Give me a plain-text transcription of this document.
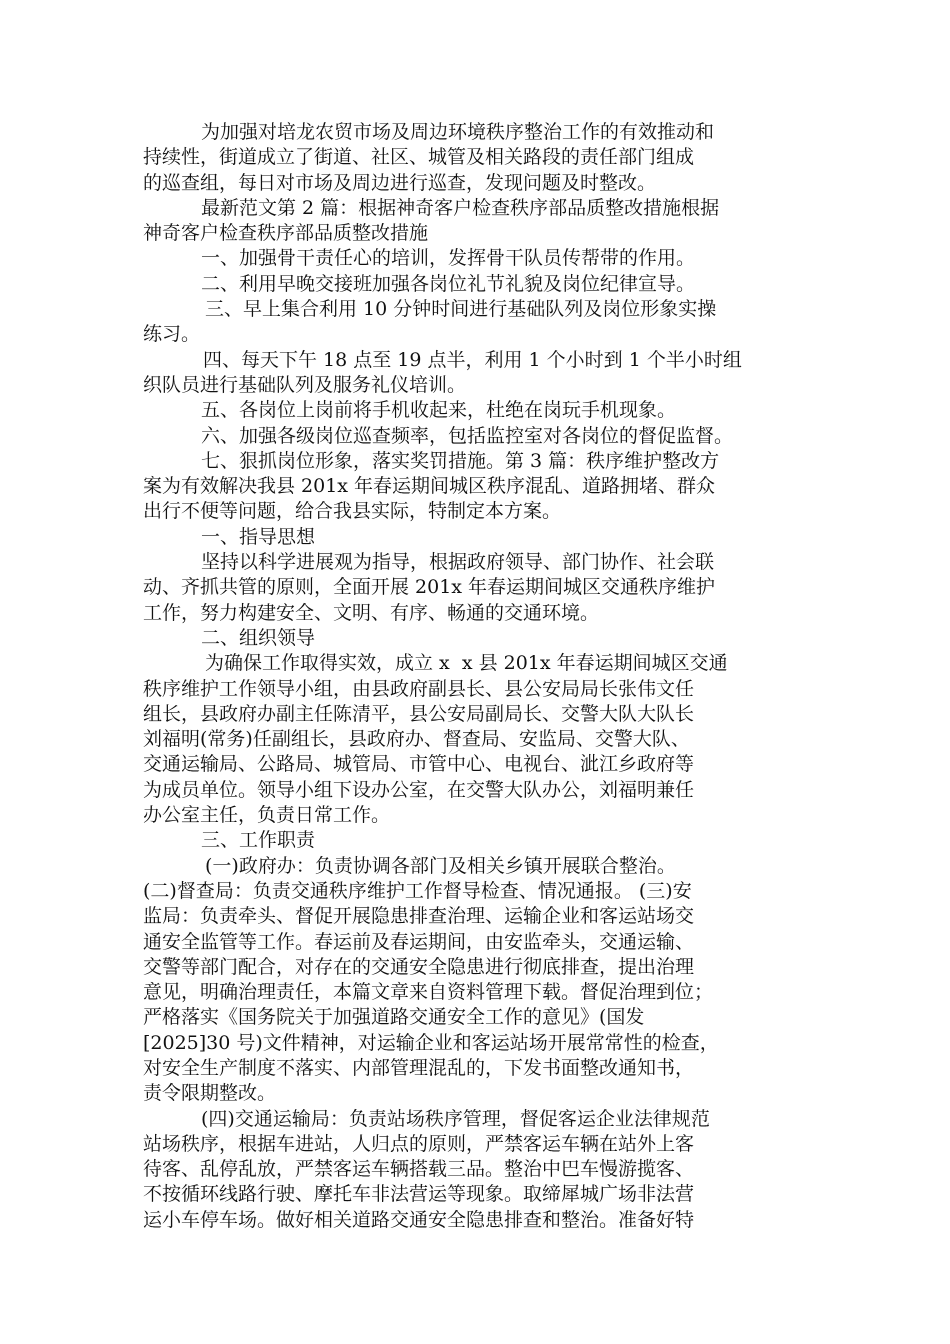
为加强对培龙农贸市场及周边环境秩序整治工作的有效推动和
持续性，街道成立了街道、社区、城管及相关路段的责任部门组成
的巡查组，每日对市场及周边进行巡查，发现问题及时整改。
最新范文第 2 篇：根据神奇客户检查秩序部品质整改措施根据
神奇客户检查秩序部品质整改措施
一、加强骨干责任心的培训，发挥骨干队员传帮带的作用。
二、利用早晚交接班加强各岗位礼节礼貌及岗位纪律宣导。
三、早上集合利用 10 分钟时间进行基础队列及岗位形象实操
练习。
四、每天下午 18 点至 19 点半，利用 1 个小时到 1 个半小时组
织队员进行基础队列及服务礼仪培训。
五、各岗位上岗前将手机收起来，杜绝在岗玩手机现象。
六、加强各级岗位巡查频率，包括监控室对各岗位的督促监督。
七、狠抓岗位形象，落实奖罚措施。第 3 篇：秩序维护整改方
案为有效解决我县 201x 年春运期间城区秩序混乱、道路拥堵、群众
出行不便等问题，给合我县实际，特制定本方案。
一、指导思想
坚持以科学进展观为指导，根据政府领导、部门协作、社会联
动、齐抓共管的原则，全面开展 201x 年春运期间城区交通秩序维护
工作，努力构建安全、文明、有序、畅通的交通环境。
二、组织领导
为确保工作取得实效，成立 x  x 县 201x 年春运期间城区交通
秩序维护工作领导小组，由县政府副县长、县公安局局长张伟文任
组长，县政府办副主任陈清平，县公安局副局长、交警大队大队长
刘福明(常务)任副组长，县政府办、督查局、安监局、交警大队、
交通运输局、公路局、城管局、市管中心、电视台、泚江乡政府等
为成员单位。领导小组下设办公室，在交警大队办公，刘福明兼任
办公室主任，负责日常工作。
三、工作职责
(一)政府办：负责协调各部门及相关乡镇开展联合整治。
(二)督查局：负责交通秩序维护工作督导检查、情况通报。 (三)安
监局：负责牵头、督促开展隐患排查治理、运输企业和客运站场交
通安全监管等工作。春运前及春运期间，由安监牵头，交通运输、
交警等部门配合，对存在的交通安全隐患进行彻底排查，提出治理
意见，明确治理责任，本篇文章来自资料管理下载。督促治理到位；
严格落实《国务院关于加强道路交通安全工作的意见》(国发
[2025]30 号)文件精神，对运输企业和客运站场开展常常性的检查，
对安全生产制度不落实、内部管理混乱的，下发书面整改通知书，
责令限期整改。
(四)交通运输局：负责站场秩序管理，督促客运企业法律规范
站场秩序，根据车进站，人归点的原则，严禁客运车辆在站外上客
待客、乱停乱放，严禁客运车辆搭载三品。整治中巴车慢游揽客、
不按循环线路行驶、摩托车非法营运等现象。取缔犀城广场非法营
运小车停车场。做好相关道路交通安全隐患排查和整治。准备好特
